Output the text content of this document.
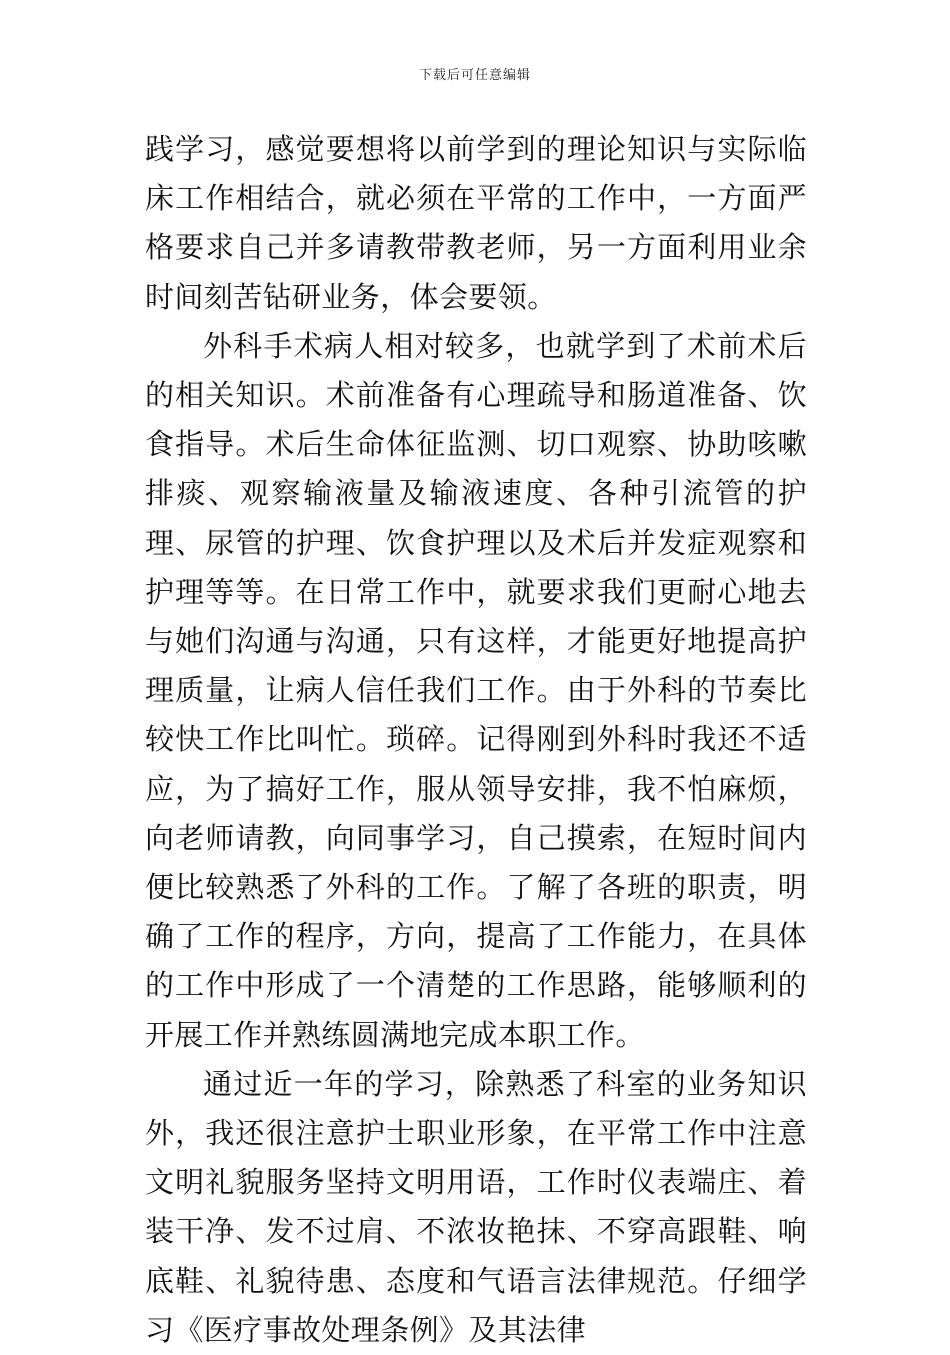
下载后可任意编辑

践学习，感觉要想将以前学到的理论知识与实际临床工作相结合，就必须在平常的工作中，一方面严格要求自己并多请教带教老师，另一方面利用业余时间刻苦钻研业务，体会要领。

外科手术病人相对较多，也就学到了术前术后的相关知识。术前准备有心理疏导和肠道准备、饮食指导。术后生命体征监测、切口观察、协助咳嗽排痰、观察输液量及输液速度、各种引流管的护理、尿管的护理、饮食护理以及术后并发症观察和护理等等。在日常工作中，就要求我们更耐心地去与她们沟通与沟通，只有这样，才能更好地提高护理质量，让病人信任我们工作。由于外科的节奏比较快工作比叫忙。琐碎。记得刚到外科时我还不适应，为了搞好工作，服从领导安排，我不怕麻烦，向老师请教，向同事学习，自己摸索，在短时间内便比较熟悉了外科的工作。了解了各班的职责，明确了工作的程序，方向，提高了工作能力，在具体的工作中形成了一个清楚的工作思路，能够顺利的开展工作并熟练圆满地完成本职工作。

通过近一年的学习，除熟悉了科室的业务知识外，我还很注意护士职业形象，在平常工作中注意文明礼貌服务坚持文明用语，工作时仪表端庄、着装干净、发不过肩、不浓妆艳抹、不穿高跟鞋、响底鞋、礼貌待患、态度和气语言法律规范。仔细学习《医疗事故处理条例》及其法律
